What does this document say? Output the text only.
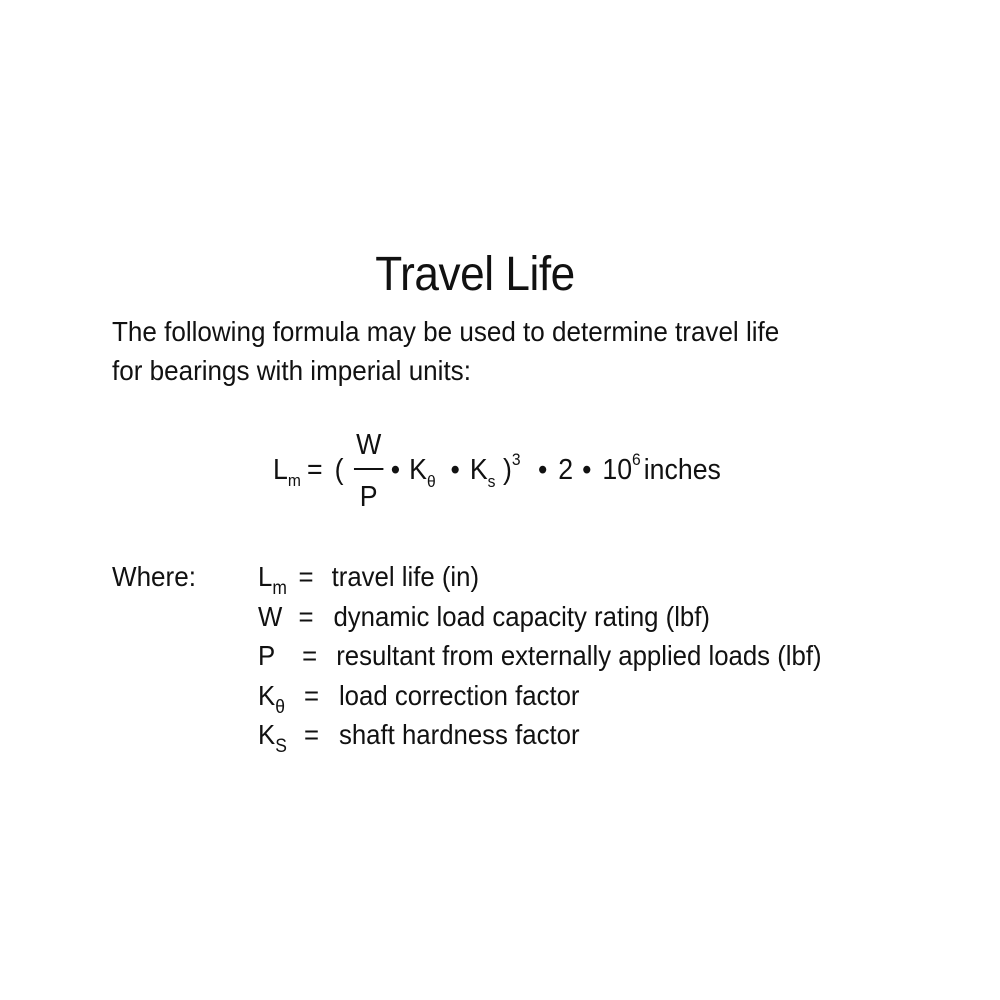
Travel Life
The following formula may be used to determine travel life
for bearings with imperial units:
$L_m$ = (
W
P
• $K_\theta$ • $K_s$ )$^3$ • 2 • $10^6$ inches
Where: $L_m$ = travel life (in)
W = dynamic load capacity rating (lbf)
P = resultant from externally applied loads (lbf)
$K_\theta$ = load correction factor
$K_S$ = shaft hardness factor
